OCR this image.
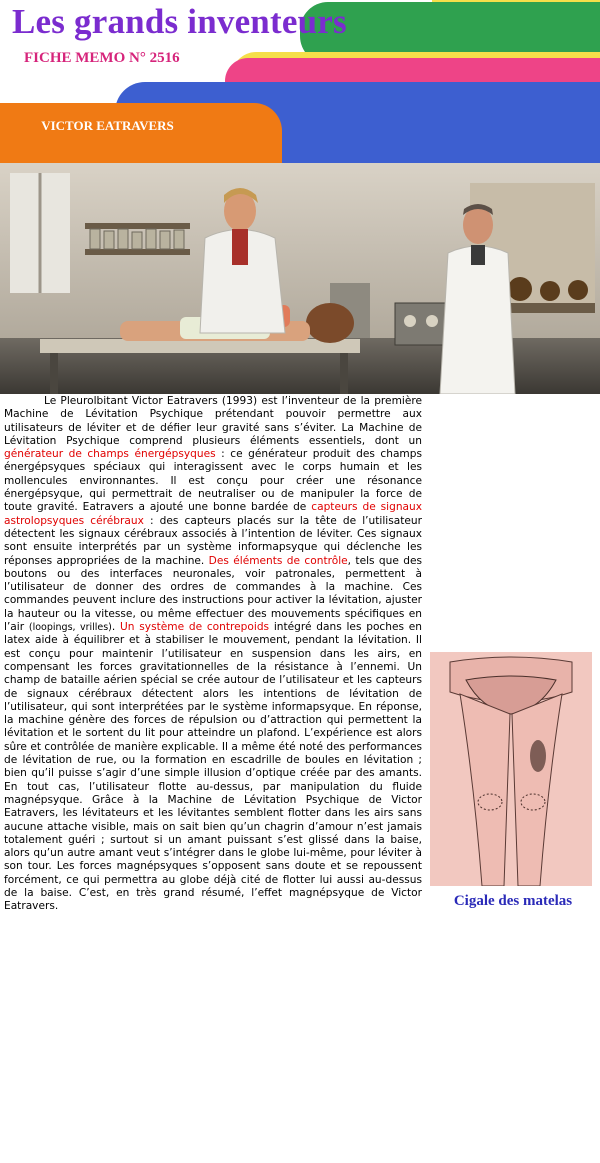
Les grands inventeurs
FICHE MEMO N° 2516
VICTOR EATRAVERS

Le Pleurolbitant Victor Eatravers (1993) est l’inventeur de la première Machine de Lévitation Psychique prétendant pouvoir permettre aux utilisateurs de léviter et de défier leur gravité sans s’éviter. La Machine de Lévitation Psychique comprend plusieurs éléments essentiels, dont un générateur de champs énergépsyques : ce générateur produit des champs énergépsyques spéciaux qui interagissent avec le corps humain et les mollencules environnantes. Il est conçu pour créer une résonance énergépsyque, qui permettrait de neutraliser ou de manipuler la force de toute gravité. Eatravers a ajouté une bonne bardée de capteurs de signaux astrolopsyques cérébraux : des capteurs placés sur la tête de l’utilisateur détectent les signaux cérébraux associés à l’intention de léviter. Ces signaux sont ensuite interprétés par un système informapsyque qui déclenche les réponses appropriées de la machine. Des éléments de contrôle, tels que des boutons ou des interfaces neuronales, voir patronales, permettent à l’utilisateur de donner des ordres de commandes à la machine. Ces commandes peuvent inclure des instructions pour activer la lévitation, ajuster la hauteur ou la vitesse, ou même effectuer des mouvements spécifiques en l’air (loopings, vrilles). Un système de contrepoids intégré dans les poches en latex aide à équilibrer et à stabiliser le mouvement, pendant la lévitation. Il est conçu pour maintenir l’utilisateur en suspension dans les airs, en compensant les forces gravitationnelles de la résistance à l’ennemi. Un champ de bataille aérien spécial se crée autour de l’utilisateur et les capteurs de signaux cérébraux détectent alors les intentions de lévitation de l’utilisateur, qui sont interprétées par le système informapsyque. En réponse, la machine génère des forces de répulsion ou d’attraction qui permettent la lévitation et le sortent du lit pour atteindre un plafond. L’expérience est alors sûre et contrôlée de manière explicable. Il a même été noté des performances de lévitation de rue, ou la formation en escadrille de boules en lévitation ; bien qu’il puisse s’agir d’une simple illusion d’optique créée par des amants. En tout cas, l’utilisateur flotte au-dessus, par manipulation du fluide magnépsyque. Grâce à la Machine de Lévitation Psychique de Victor Eatravers, les lévitateurs et les lévitantes semblent flotter dans les airs sans aucune attache visible, mais on sait bien qu’un chagrin d’amour n’est jamais totalement guéri ; surtout si un amant puissant s’est glissé dans la baise, alors qu’un autre amant veut s’intégrer dans le globe lui-même, pour léviter à son tour. Les forces magnépsyques s’opposent sans doute et se repoussent forcément, ce qui permettra au globe déjà cité de flotter lui aussi au-dessus de la baise. C’est, en très grand résumé, l’effet magnépsyque de Victor Eatravers.	Cigale des matelas
